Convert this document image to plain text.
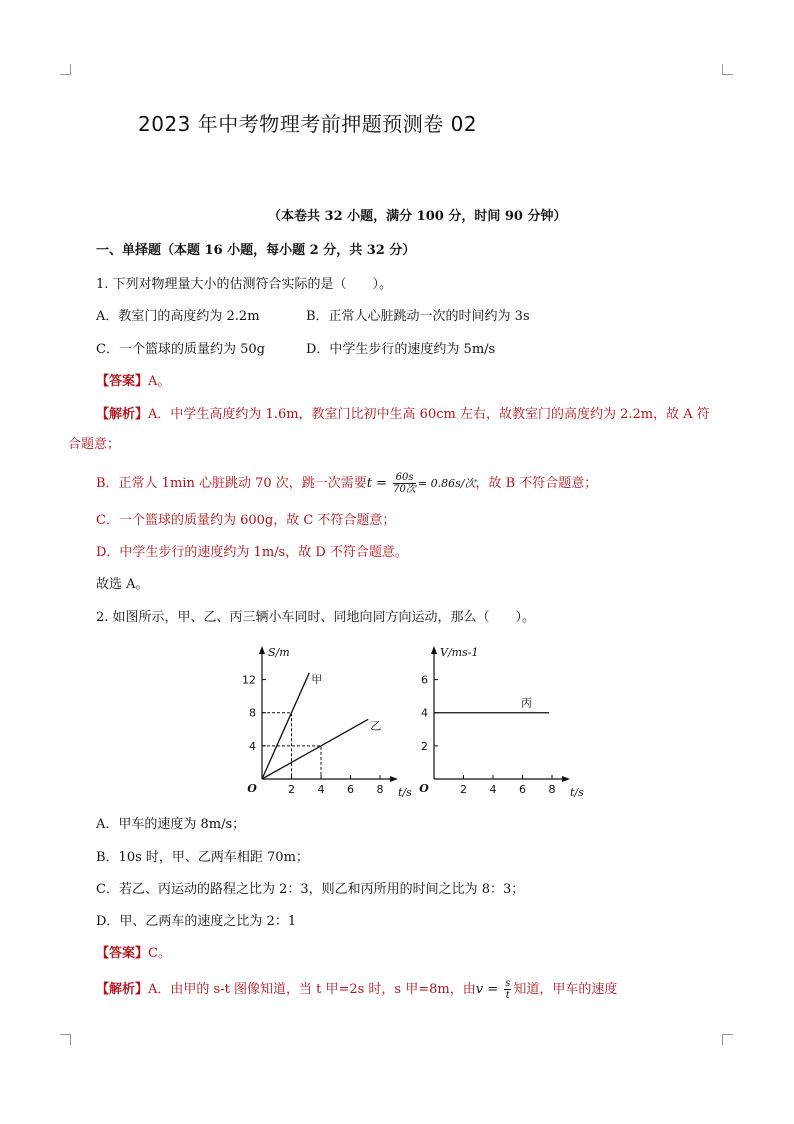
2023 年中考物理考前押题预测卷 02
（本卷共 32 小题，满分 100 分，时间 90 分钟）
一、单择题（本题 16 小题，每小题 2 分，共 32 分）
1. 下列对物理量大小的估测符合实际的是（　　）。
A．教室门的高度约为 2.2m	B．正常人心脏跳动一次的时间约为 3s
C．一个篮球的质量约为 50g	D．中学生步行的速度约为 5m/s
【答案】A。
【解析】A．中学生高度约为 1.6m，教室门比初中生高 60cm 左右，故教室门的高度约为 2.2m，故 A 符
合题意；
B．正常人 1min 心脏跳动 70 次，跳一次需要$t = \frac{60s}{\text{70次}} = 0.86s/$次，故 B 不符合题意；
C．一个篮球的质量约为 600g，故 C 不符合题意；
D．中学生步行的速度约为 1m/s，故 D 不符合题意。
故选 A。
2. 如图所示，甲、乙、丙三辆小车同时、同地向同方向运动，那么（　　）。
2 4 6 8
4
8
12
O	t/s
S/m
甲
乙
2 4 6 8
2
4
6
O	t/s
V/ms-1
丙
A．甲车的速度为 8m/s；
B．10s 时，甲、乙两车相距 70m；
C．若乙、丙运动的路程之比为 2：3，则乙和丙所用的时间之比为 8：3；
D．甲、乙两车的速度之比为 2：1
【答案】C。
【解析】A．由甲的 s-t 图像知道，当 t 甲=2s 时，s 甲=8m，由$v = \frac{s}{t}$ 知道，甲车的速度
